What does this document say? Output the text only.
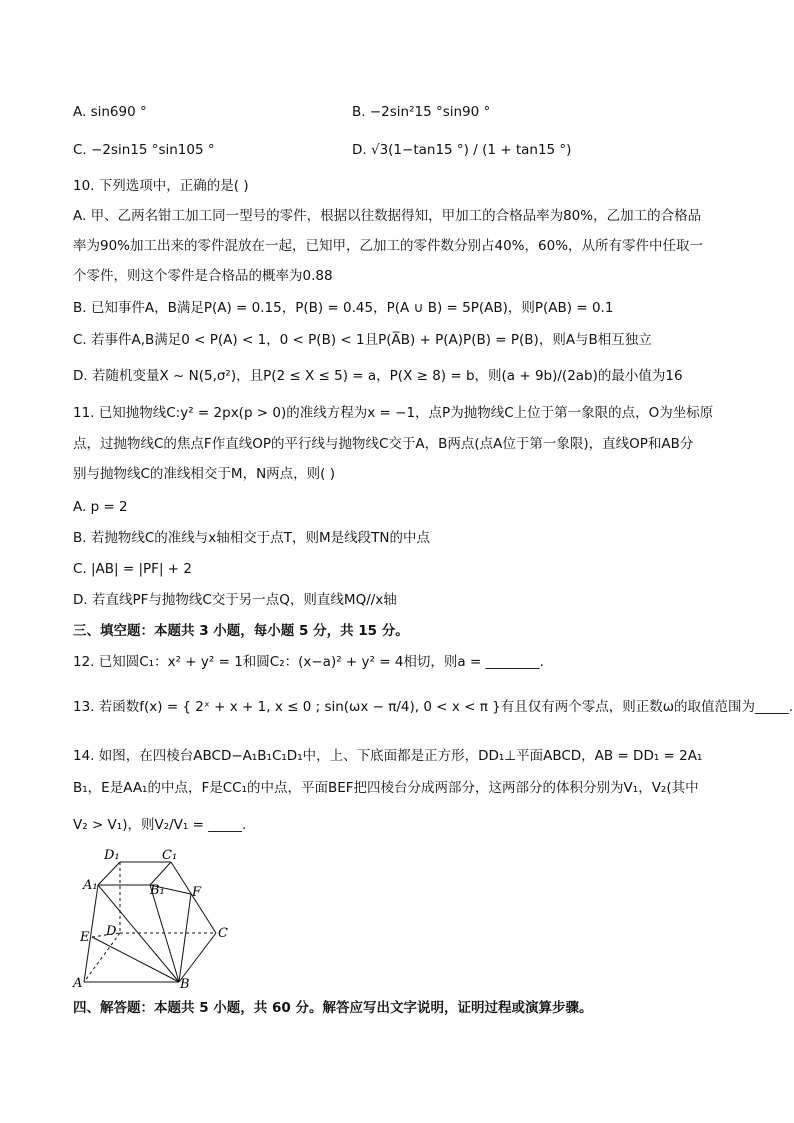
A. sin690 °	B. −2sin²15 °sin90 °
C. −2sin15 °sin105 °	D. √3(1−tan15 °) / (1 + tan15 °)
10. 下列选项中，正确的是( )
A. 甲、乙两名钳工加工同一型号的零件，根据以往数据得知，甲加工的合格品率为80%，乙加工的合格品
率为90%加工出来的零件混放在一起，已知甲，乙加工的零件数分别占40%，60%，从所有零件中任取一
个零件，则这个零件是合格品的概率为0.88
B. 已知事件A，B满足P(A) = 0.15，P(B) = 0.45，P(A ∪ B) = 5P(AB)，则P(AB) = 0.1
C. 若事件A,B满足0 < P(A) < 1，0 < P(B) < 1且P(A̅B) + P(A)P(B) = P(B)，则A与B相互独立
D. 若随机变量X ~ N(5,σ²)，且P(2 ≤ X ≤ 5) = a，P(X ≥ 8) = b，则(a + 9b)/(2ab)的最小值为16
11. 已知抛物线C:y² = 2px(p > 0)的准线方程为x = −1，点P为抛物线C上位于第一象限的点，O为坐标原
点，过抛物线C的焦点F作直线OP的平行线与抛物线C交于A，B两点(点A位于第一象限)，直线OP和AB分
别与抛物线C的准线相交于M，N两点，则( )
A. p = 2
B. 若抛物线C的准线与x轴相交于点T，则M是线段TN的中点
C. |AB| = |PF| + 2
D. 若直线PF与抛物线C交于另一点Q，则直线MQ//x轴
三、填空题：本题共 3 小题，每小题 5 分，共 15 分。
12. 已知圆C₁：x² + y² = 1和圆C₂：(x−a)² + y² = 4相切，则a = ________.
13. 若函数f(x) = { 2ˣ + x + 1, x ≤ 0 ; sin(ωx − π/4), 0 < x < π }有且仅有两个零点，则正数ω的取值范围为_____.
14. 如图，在四棱台ABCD−A₁B₁C₁D₁中，上、下底面都是正方形，DD₁⊥平面ABCD，AB = DD₁ = 2A₁
B₁，E是AA₁的中点，F是CC₁的中点，平面BEF把四棱台分成两部分，这两部分的体积分别为V₁，V₂(其中
V₂ > V₁)，则V₂/V₁ = _____.
D₁	C₁
A₁	B₁ F
E D	C
A	B
四、解答题：本题共 5 小题，共 60 分。解答应写出文字说明，证明过程或演算步骤。
